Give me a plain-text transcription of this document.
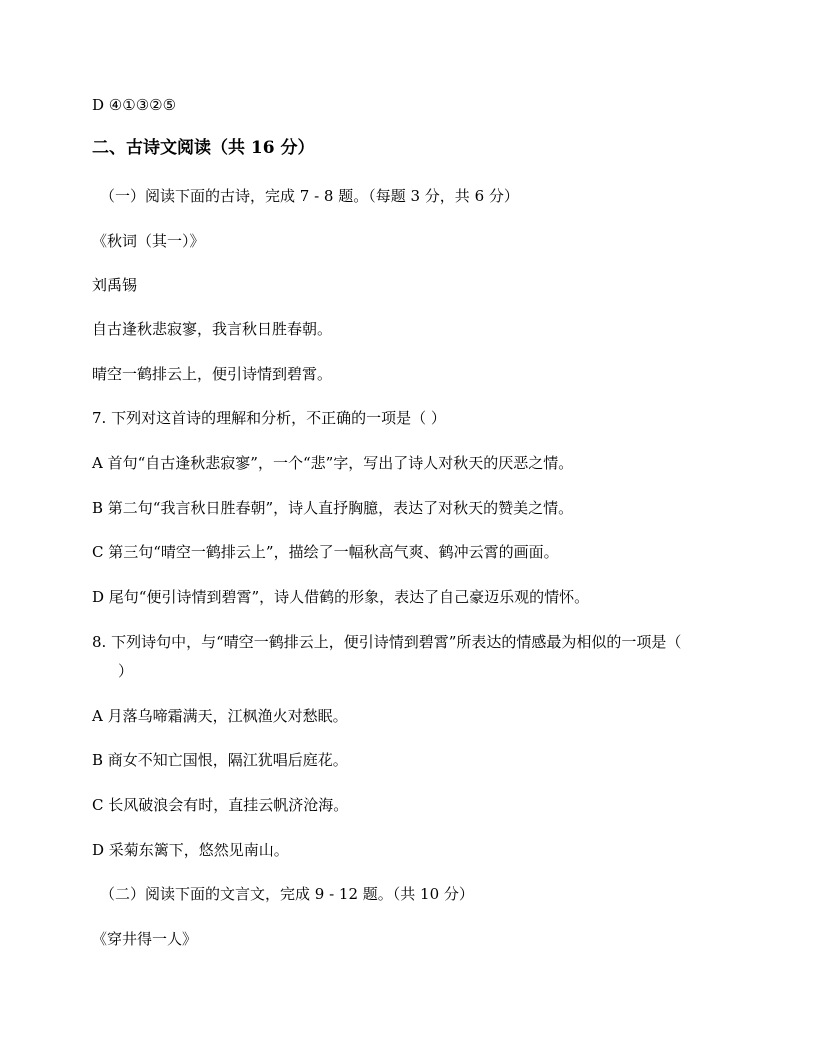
D ④①③②⑤
二、古诗文阅读（共 16 分）
（一）阅读下面的古诗，完成 7 - 8 题。（每题 3 分，共 6 分）
《秋词（其一）》
刘禹锡
自古逢秋悲寂寥，我言秋日胜春朝。
晴空一鹤排云上，便引诗情到碧霄。
7. 下列对这首诗的理解和分析，不正确的一项是（ ）
A 首句“自古逢秋悲寂寥”，一个“悲”字，写出了诗人对秋天的厌恶之情。
B 第二句“我言秋日胜春朝”，诗人直抒胸臆，表达了对秋天的赞美之情。
C 第三句“晴空一鹤排云上”，描绘了一幅秋高气爽、鹤冲云霄的画面。
D 尾句“便引诗情到碧霄”，诗人借鹤的形象，表达了自己豪迈乐观的情怀。
8. 下列诗句中，与“晴空一鹤排云上，便引诗情到碧霄”所表达的情感最为相似的一项是（
）
A 月落乌啼霜满天，江枫渔火对愁眠。
B 商女不知亡国恨，隔江犹唱后庭花。
C 长风破浪会有时，直挂云帆济沧海。
D 采菊东篱下，悠然见南山。
（二）阅读下面的文言文，完成 9 - 12 题。（共 10 分）
《穿井得一人》
